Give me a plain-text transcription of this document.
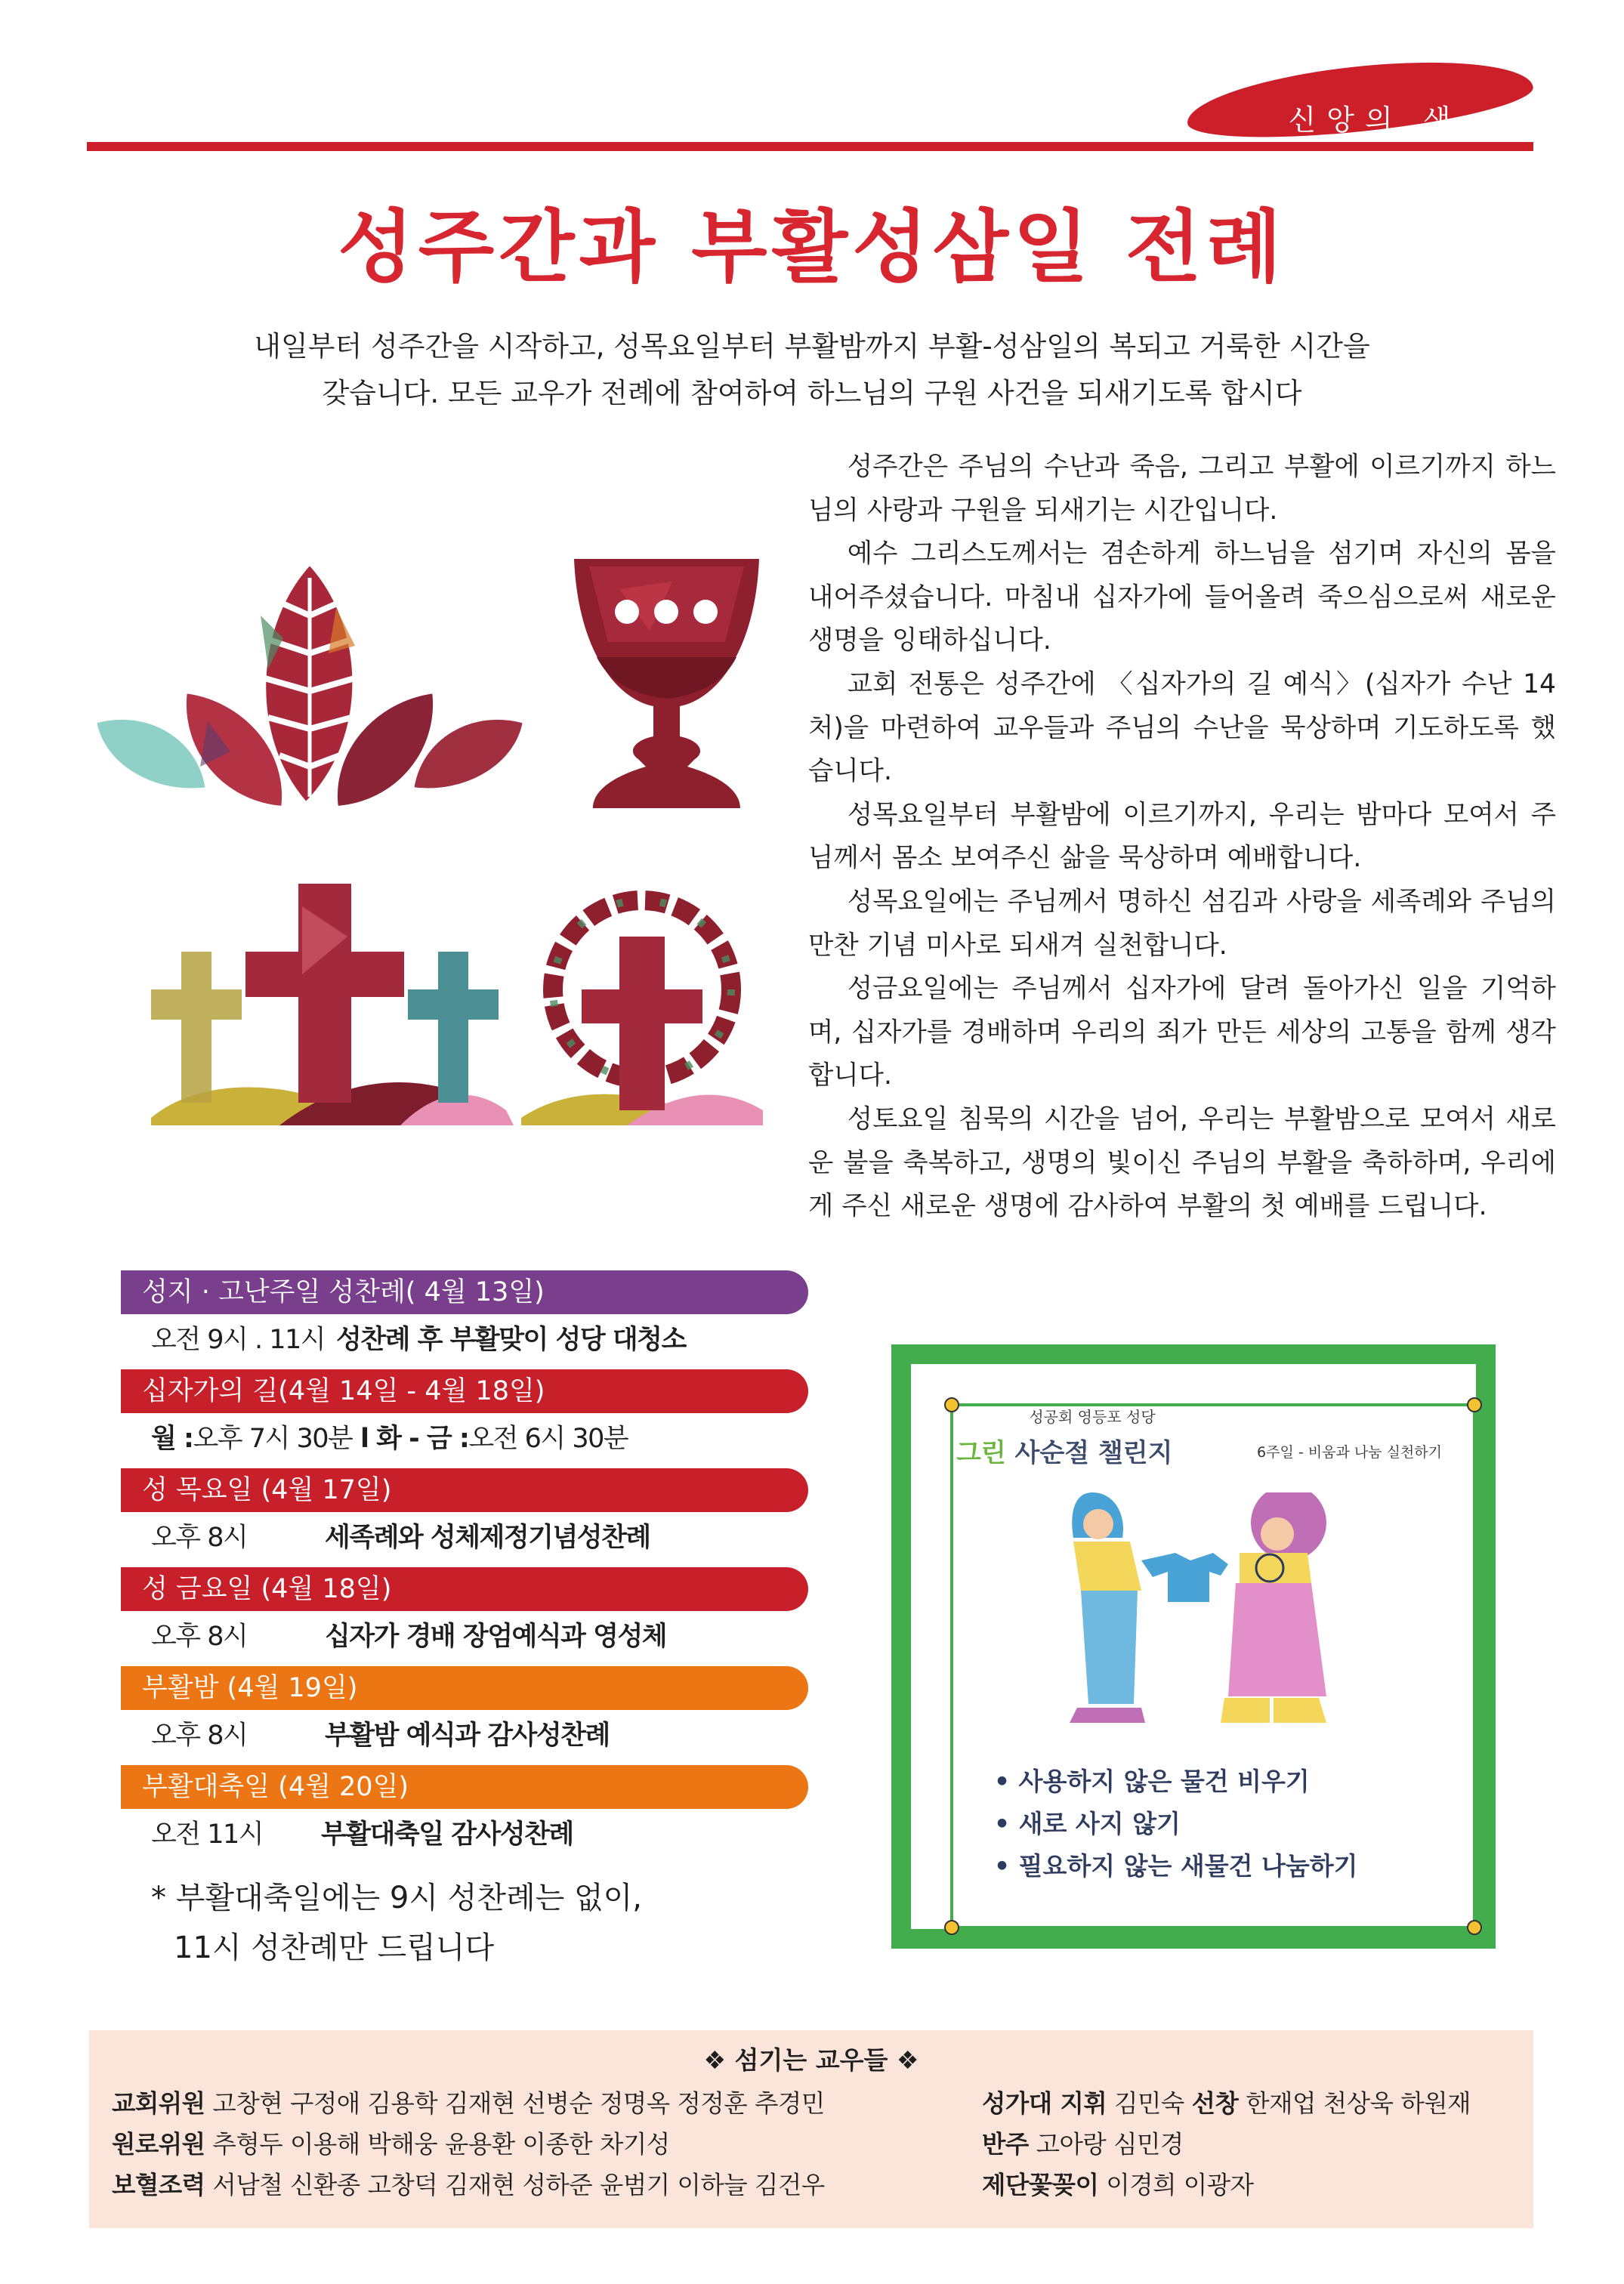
신앙의 샘
성주간과 부활성삼일 전례
내일부터 성주간을 시작하고, 성목요일부터 부활밤까지 부활-성삼일의 복되고 거룩한 시간을
갖습니다. 모든 교우가 전례에 참여하여 하느님의 구원 사건을 되새기도록 합시다

성주간은 주님의 수난과 죽음, 그리고 부활에 이르기까지 하느님의 사랑과 구원을 되새기는 시간입니다.

예수 그리스도께서는 겸손하게 하느님을 섬기며 자신의 몸을 내어주셨습니다. 마침내 십자가에 들어올려 죽으심으로써 새로운 생명을 잉태하십니다.

교회 전통은 성주간에 〈십자가의 길 예식〉(십자가 수난 14처)을 마련하여 교우들과 주님의 수난을 묵상하며 기도하도록 했습니다.

성목요일부터 부활밤에 이르기까지, 우리는 밤마다 모여서 주님께서 몸소 보여주신 삶을 묵상하며 예배합니다.

성목요일에는 주님께서 명하신 섬김과 사랑을 세족례와 주님의 만찬 기념 미사로 되새겨 실천합니다.

성금요일에는 주님께서 십자가에 달려 돌아가신 일을 기억하며, 십자가를 경배하며 우리의 죄가 만든 세상의 고통을 함께 생각합니다.

성토요일 침묵의 시간을 넘어, 우리는 부활밤으로 모여서 새로운 불을 축복하고, 생명의 빛이신 주님의 부활을 축하하며, 우리에게 주신 새로운 생명에 감사하여 부활의 첫 예배를 드립니다.

성지 · 고난주일 성찬례( 4월 13일)
오전 9시 . 11시 성찬례 후 부활맞이 성당 대청소
십자가의 길(4월 14일 - 4월 18일)
월 :오후 7시 30분 l 화 - 금 :오전 6시 30분
성 목요일 (4월 17일)
오후 8시	세족례와 성체제정기념성찬례
성 금요일 (4월 18일)
오후 8시	십자가 경배 장엄예식과 영성체
부활밤 (4월 19일)
오후 8시	부활밤 예식과 감사성찬례
부활대축일 (4월 20일)
오전 11시 부활대축일 감사성찬례
* 부활대축일에는 9시 성찬례는 없이,
11시 성찬례만 드립니다
성공회 영등포 성당
그린 사순절 챌린지	6주일 - 비움과 나눔 실천하기
• 사용하지 않은 물건 비우기
• 새로 사지 않기
• 필요하지 않는 새물건 나눔하기
❖ 섬기는 교우들 ❖
교회위원 고창현 구정애 김용학 김재현 선병순 정명옥 정정훈 추경민
원로위원 추형두 이용해 박해웅 윤용환 이종한 차기성
보혈조력 서남철 신환종 고창덕 김재현 성하준 윤범기 이하늘 김건우
성가대 지휘 김민숙 선창 한재업 천상욱 하원재
반주 고아랑 심민경
제단꽃꽂이 이경희 이광자
